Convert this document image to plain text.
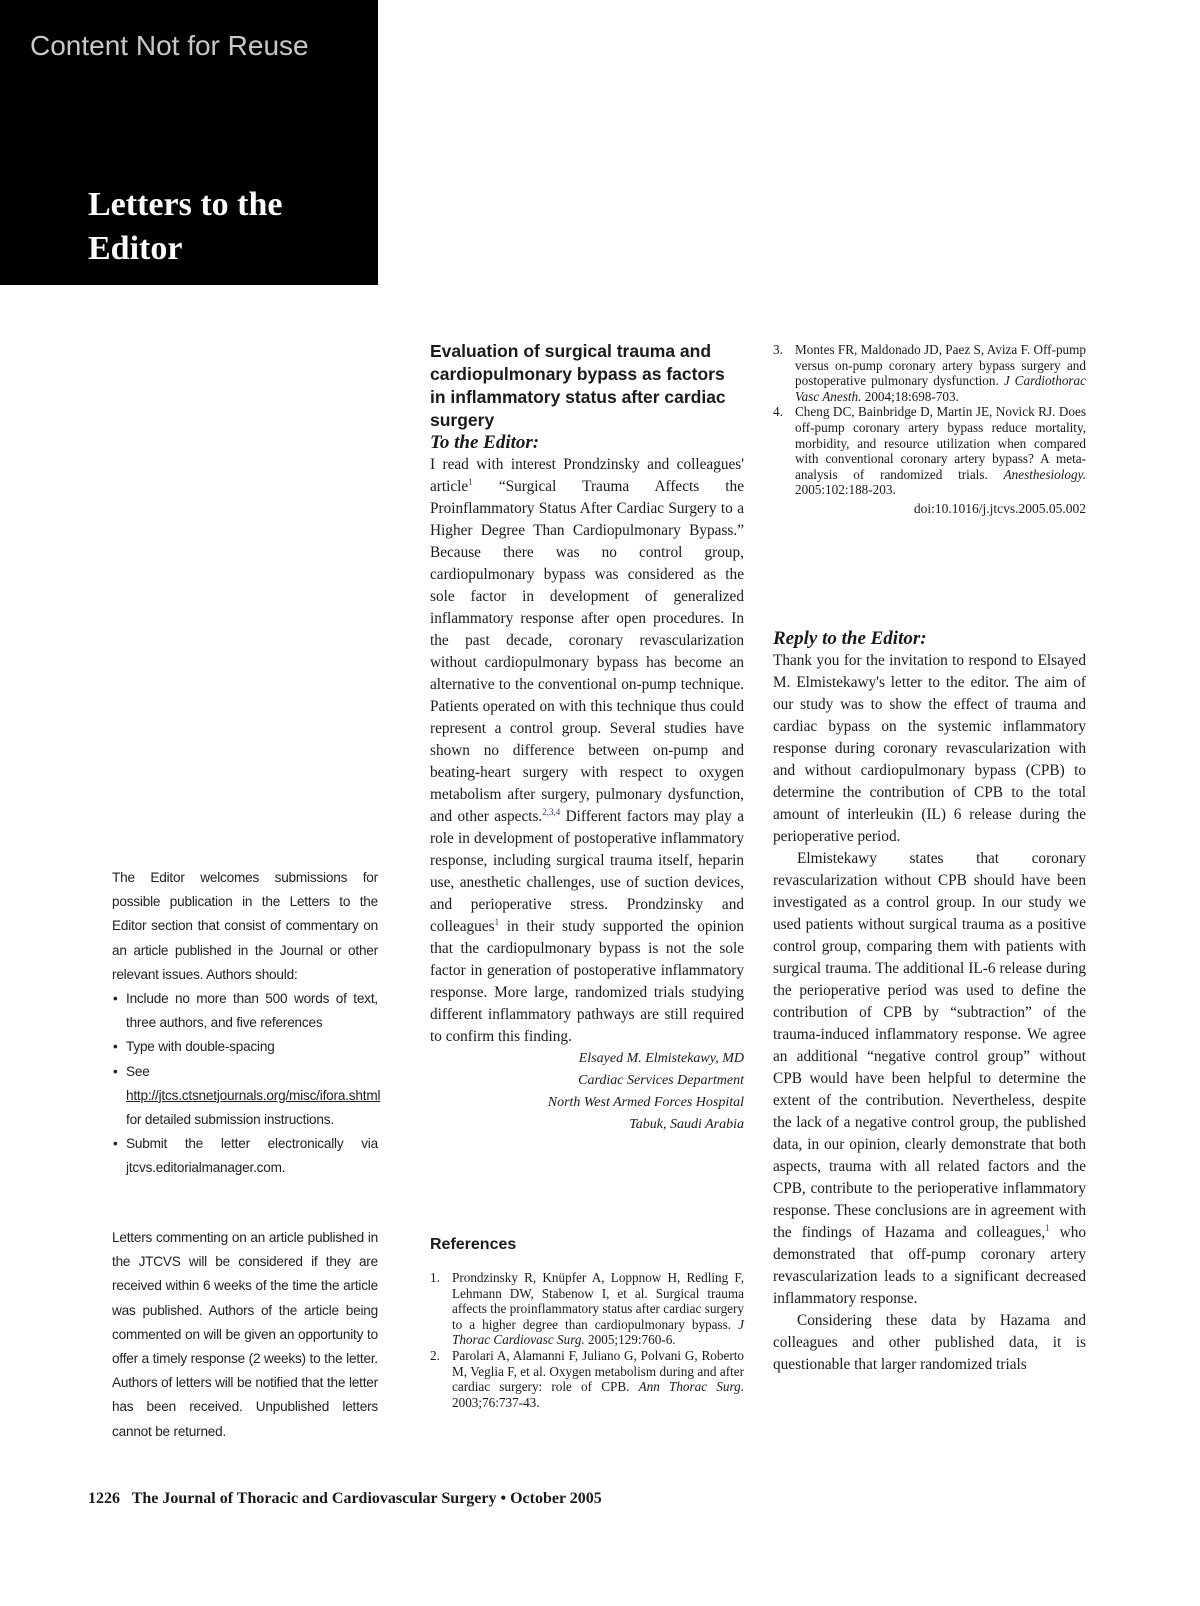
Content Not for Reuse
Letters to the Editor
The Editor welcomes submissions for possible publication in the Letters to the Editor section that consist of commentary on an article published in the Journal or other relevant issues. Authors should:
• Include no more than 500 words of text, three authors, and five references
• Type with double-spacing
• See http://jtcs.ctsnetjournals.org/misc/ifora.shtml for detailed submission instructions.
• Submit the letter electronically via jtcvs.editorialmanager.com.
Letters commenting on an article published in the JTCVS will be considered if they are received within 6 weeks of the time the article was published. Authors of the article being commented on will be given an opportunity to offer a timely response (2 weeks) to the letter. Authors of letters will be notified that the letter has been received. Unpublished letters cannot be returned.

Evaluation of surgical trauma and cardiopulmonary bypass as factors in inflammatory status after cardiac surgery

To the Editor:

I read with interest Prondzinsky and colleagues' article$^1$ “Surgical Trauma Affects the Proinflammatory Status After Cardiac Surgery to a Higher Degree Than Cardiopulmonary Bypass.” Because there was no control group, cardiopulmonary bypass was considered as the sole factor in development of generalized inflammatory response after open procedures. In the past decade, coronary revascularization without cardiopulmonary bypass has become an alternative to the conventional on-pump technique. Patients operated on with this technique thus could represent a control group. Several studies have shown no difference between on-pump and beating-heart surgery with respect to oxygen metabolism after surgery, pulmonary dysfunction, and other aspects.$^{2,3,4}$ Different factors may play a role in development of postoperative inflammatory response, including surgical trauma itself, heparin use, anesthetic challenges, use of suction devices, and perioperative stress. Prondzinsky and colleagues$^1$ in their study supported the opinion that the cardiopulmonary bypass is not the sole factor in generation of postoperative inflammatory response. More large, randomized trials studying different inflammatory pathways are still required to confirm this finding.

Elsayed M. Elmistekawy, MD
Cardiac Services Department
North West Armed Forces Hospital
Tabuk, Saudi Arabia
References
1. Prondzinsky R, Knüpfer A, Loppnow H, Redling F, Lehmann DW, Stabenow I, et al. Surgical trauma affects the proinflammatory status after cardiac surgery to a higher degree than cardiopulmonary bypass. J Thorac Cardiovasc Surg. 2005;129:760-6.
2. Parolari A, Alamanni F, Juliano G, Polvani G, Roberto M, Veglia F, et al. Oxygen metabolism during and after cardiac surgery: role of CPB. Ann Thorac Surg. 2003;76:737-43.
3. Montes FR, Maldonado JD, Paez S, Aviza F. Off-pump versus on-pump coronary artery bypass surgery and postoperative pulmonary dysfunction. J Cardiothorac Vasc Anesth. 2004;18:698-703.
4. Cheng DC, Bainbridge D, Martin JE, Novick RJ. Does off-pump coronary artery bypass reduce mortality, morbidity, and resource utilization when compared with conventional coronary artery bypass? A meta-analysis of randomized trials. Anesthesiology. 2005:102:188-203.
doi:10.1016/j.jtcvs.2005.05.002

Reply to the Editor:

Thank you for the invitation to respond to Elsayed M. Elmistekawy's letter to the editor. The aim of our study was to show the effect of trauma and cardiac bypass on the systemic inflammatory response during coronary revascularization with and without cardiopulmonary bypass (CPB) to determine the contribution of CPB to the total amount of interleukin (IL) 6 release during the perioperative period.

Elmistekawy states that coronary revascularization without CPB should have been investigated as a control group. In our study we used patients without surgical trauma as a positive control group, comparing them with patients with surgical trauma. The additional IL-6 release during the perioperative period was used to define the contribution of CPB by “subtraction” of the trauma-induced inflammatory response. We agree an additional “negative control group” without CPB would have been helpful to determine the extent of the contribution. Nevertheless, despite the lack of a negative control group, the published data, in our opinion, clearly demonstrate that both aspects, trauma with all related factors and the CPB, contribute to the perioperative inflammatory response. These conclusions are in agreement with the findings of Hazama and colleagues,$^1$ who demonstrated that off-pump coronary artery revascularization leads to a significant decreased inflammatory response.

Considering these data by Hazama and colleagues and other published data, it is questionable that larger randomized trials

1226   The Journal of Thoracic and Cardiovascular Surgery • October 2005
